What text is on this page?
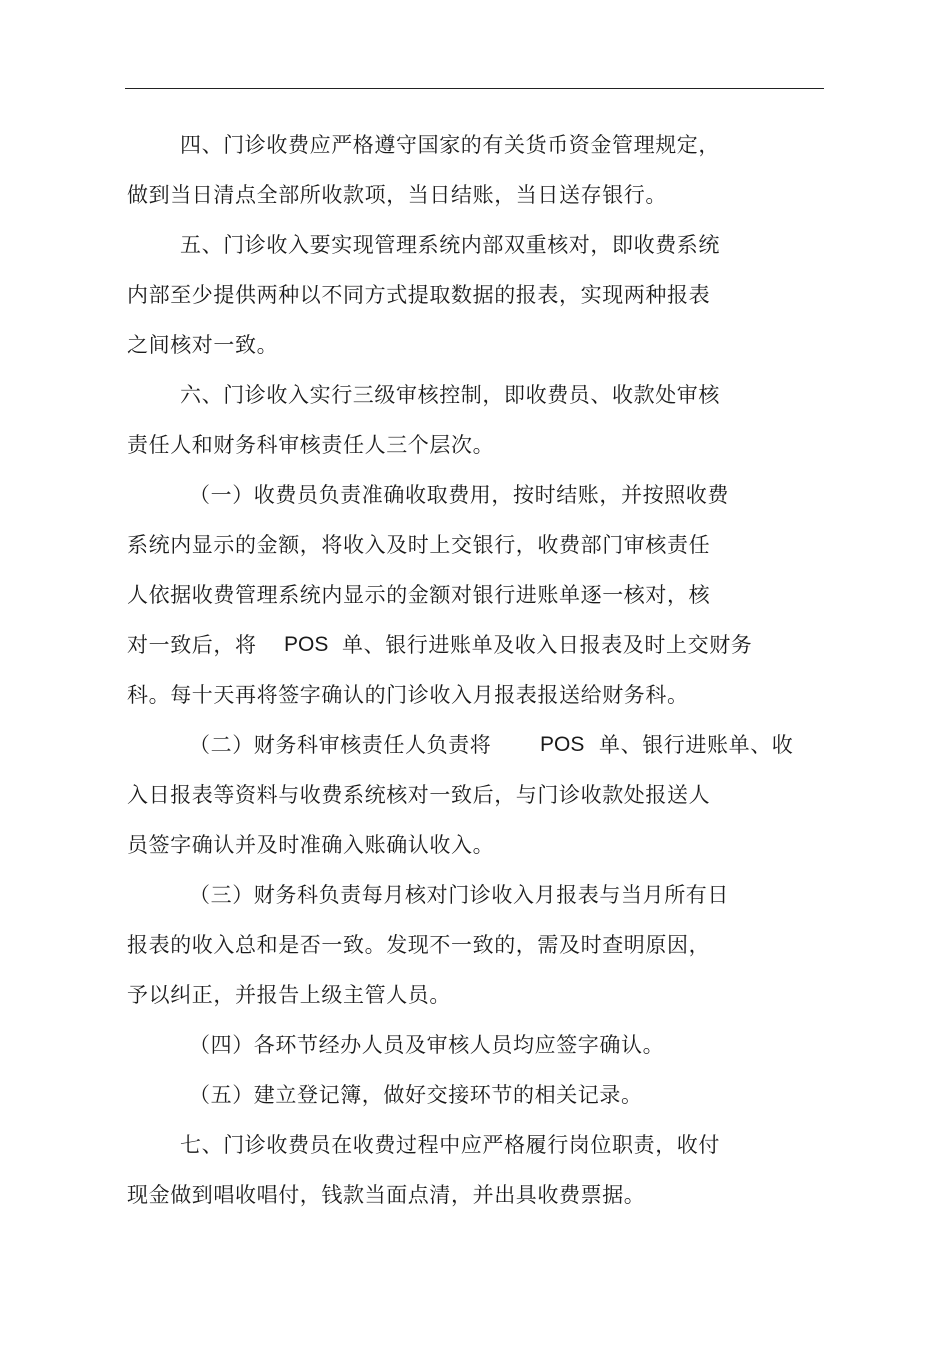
四、门诊收费应严格遵守国家的有关货币资金管理规定，
做到当日清点全部所收款项，当日结账，当日送存银行。
五、门诊收入要实现管理系统内部双重核对，即收费系统
内部至少提供两种以不同方式提取数据的报表，实现两种报表
之间核对一致。
六、门诊收入实行三级审核控制，即收费员、收款处审核
责任人和财务科审核责任人三个层次。
（一）收费员负责准确收取费用，按时结账，并按照收费
系统内显示的金额，将收入及时上交银行，收费部门审核责任
人依据收费管理系统内显示的金额对银行进账单逐一核对，核
对一致后，将 POS 单、银行进账单及收入日报表及时上交财务
科。每十天再将签字确认的门诊收入月报表报送给财务科。
（二）财务科审核责任人负责将 POS 单、银行进账单、收
入日报表等资料与收费系统核对一致后，与门诊收款处报送人
员签字确认并及时准确入账确认收入。
（三）财务科负责每月核对门诊收入月报表与当月所有日
报表的收入总和是否一致。发现不一致的，需及时查明原因，
予以纠正，并报告上级主管人员。
（四）各环节经办人员及审核人员均应签字确认。
（五）建立登记簿，做好交接环节的相关记录。
七、门诊收费员在收费过程中应严格履行岗位职责，收付
现金做到唱收唱付，钱款当面点清，并出具收费票据。
